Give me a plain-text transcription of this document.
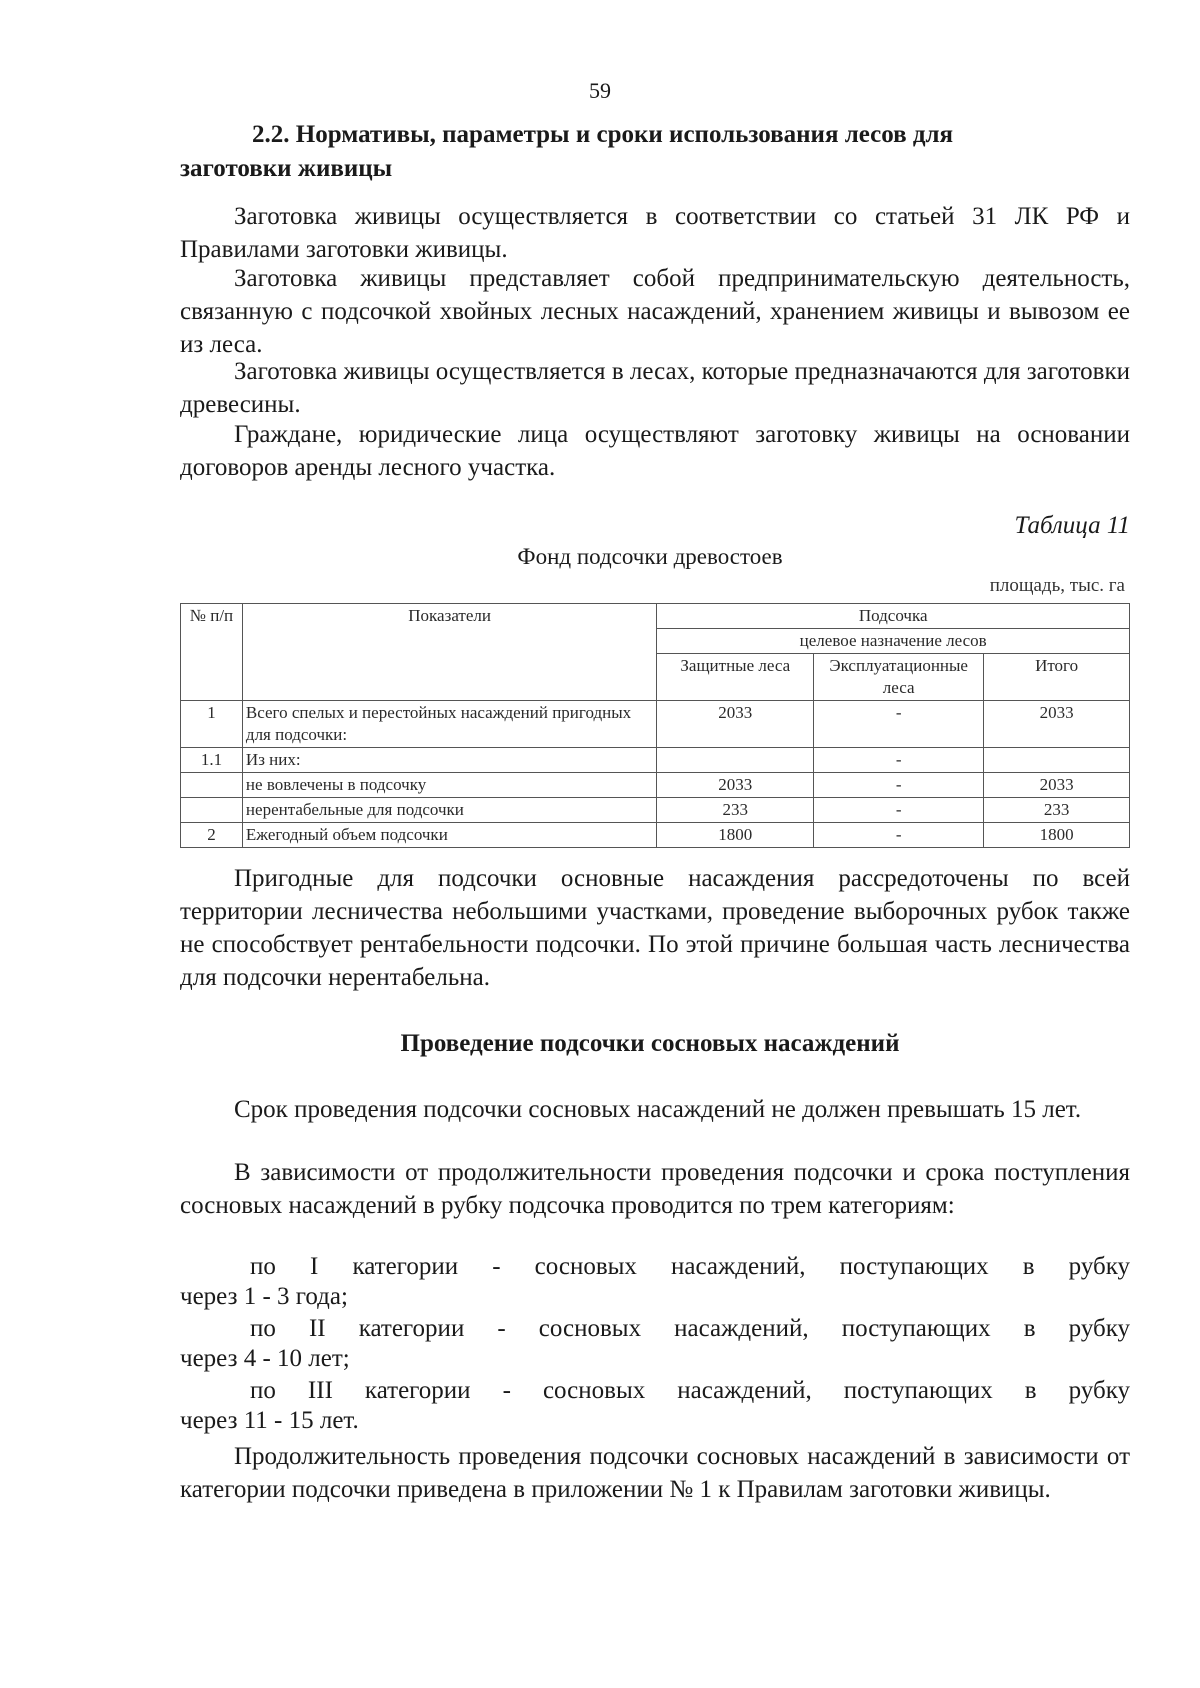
59
2.2. Нормативы, параметры и сроки использования лесов для
заготовки живицы
Заготовка живицы осуществляется в соответствии со статьей 31 ЛК РФ и Правилами заготовки живицы.
Заготовка живицы представляет собой предпринимательскую деятельность, связанную с подсочкой хвойных лесных насаждений, хранением живицы и вывозом ее из леса.
Заготовка живицы осуществляется в лесах, которые предназначаются для заготовки древесины.
Граждане, юридические лица осуществляют заготовку живицы на основании договоров аренды лесного участка.
Таблица 11
Фонд подсочки древостоев
площадь, тыс. га
№ п/п	Показатели	Подсочка		
		целевое назначение лесов		
		Защитные леса	Эксплуатационные леса	Итого
1	Всего спелых и перестойных насаждений пригодных для подсочки:	2033	-	2033
1.1	Из них:		-	
	не вовлечены в подсочку	2033	-	2033
	нерентабельные для подсочки	233	-	233
2	Ежегодный объем подсочки	1800	-	1800
Пригодные для подсочки основные насаждения рассредоточены по всей территории лесничества небольшими участками, проведение выборочных рубок также не способствует рентабельности подсочки. По этой причине большая часть лесничества для подсочки нерентабельна.
Проведение подсочки сосновых насаждений
Срок проведения подсочки сосновых насаждений не должен превышать 15 лет.
В зависимости от продолжительности проведения подсочки и срока поступления сосновых насаждений в рубку подсочка проводится по трем категориям:
по I категории - сосновых насаждений, поступающих в рубку
через 1 - 3 года;
по II категории - сосновых насаждений, поступающих в рубку
через 4 - 10 лет;
по III категории - сосновых насаждений, поступающих в рубку
через 11 - 15 лет.
Продолжительность проведения подсочки сосновых насаждений в зависимости от категории подсочки приведена в приложении № 1 к Правилам заготовки живицы.
